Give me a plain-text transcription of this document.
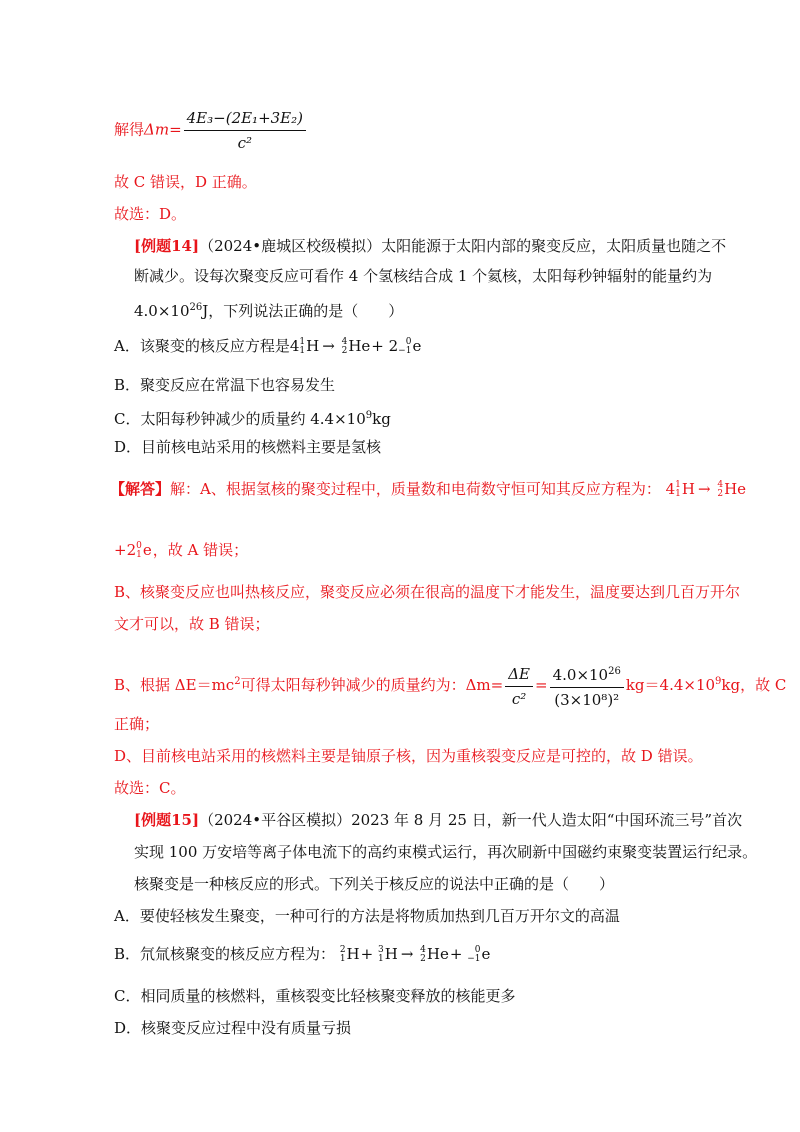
解得$\Delta m= \frac{\text{4E₃−(2E₁+3E₂)}}{\text{c²}}$
故 C 错误，D 正确。
故选：D。
[例题14]（2024•鹿城区校级模拟）太阳能源于太阳内部的聚变反应，太阳质量也随之不
断减少。设每次聚变反应可看作 4 个氢核结合成 1 个氦核，太阳每秒钟辐射的能量约为
$4.0\times 10^{26}J$，下列说法正确的是（　　）
A．该聚变的核反应方程是4 1
1 H → 4
2 He+ 2 0
−1 e
B．聚变反应在常温下也容易发生
C．太阳每秒钟减少的质量约 $4.4\times 10^9kg$
D．目前核电站采用的核燃料主要是氢核
【解答】解：A、根据氢核的聚变过程中，质量数和电荷数守恒可知其反应方程为： 4 1
1 H → 4
2 He
+2 0
1 e，故 A 错误；
B、核聚变反应也叫热核反应，聚变反应必须在很高的温度下才能发生，温度要达到几百万开尔
文才可以，故 B 错误；
B、根据 $\Delta E=mc^2$可得太阳每秒钟减少的质量约为：$\Delta m= \frac{\Delta E}{\text{c²}} = \frac{4.0\times 10^{26}}{\text{(3×10⁸)²}} kg=4.4\times 10^9kg$，故 C
正确；
D、目前核电站采用的核燃料主要是铀原子核，因为重核裂变反应是可控的，故 D 错误。
故选：C。
[例题15]（2024•平谷区模拟）2023 年 8 月 25 日，新一代人造太阳“中国环流三号”首次
实现 100 万安培等离子体电流下的高约束模式运行，再次刷新中国磁约束聚变装置运行纪录。
核聚变是一种核反应的形式。下列关于核反应的说法中正确的是（　　）
A．要使轻核发生聚变，一种可行的方法是将物质加热到几百万开尔文的高温
B．氘氚核聚变的核反应方程为： 2
1 H+ 3
1 H → 4
2 He+ 0
−1 e
C．相同质量的核燃料，重核裂变比轻核聚变释放的核能更多
D．核聚变反应过程中没有质量亏损
